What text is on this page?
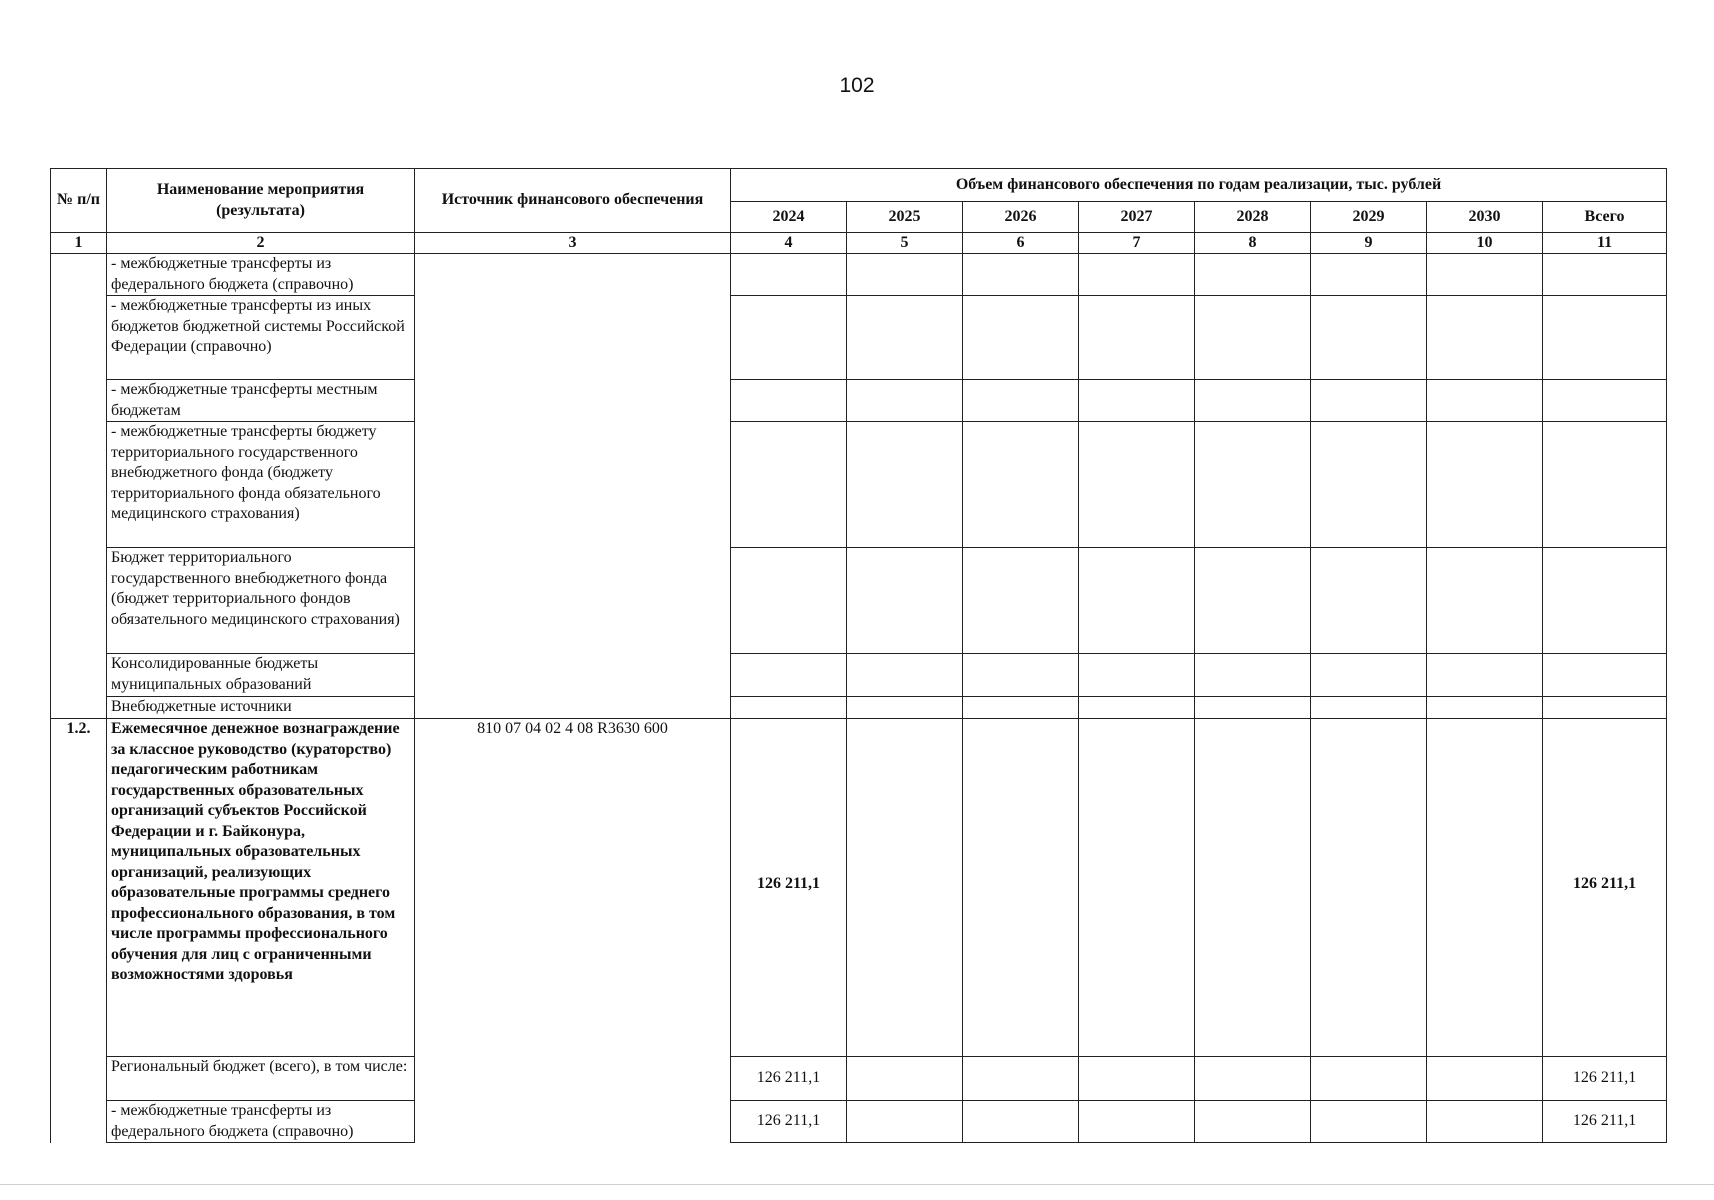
102
№ п/п	Наименование мероприятия (результата)	Источник финансового обеспечения	Объем финансового обеспечения по годам реализации, тыс. рублей							
			2024	2025	2026	2027	2028	2029	2030	Всего
1	2	3	4	5	6	7	8	9	10	11
	- межбюджетные трансферты из федерального бюджета (справочно)									
	- межбюджетные трансферты из иных бюджетов бюджетной системы Российской Федерации (справочно)									
	- межбюджетные трансферты местным бюджетам									
	- межбюджетные трансферты бюджету территориального государственного внебюджетного фонда (бюджету территориального фонда обязательного медицинского страхования)									
	Бюджет территориального государственного внебюджетного фонда (бюджет территориального фондов обязательного медицинского страхования)									
	Консолидированные бюджеты муниципальных образований									
	Внебюджетные источники									
1.2.	Ежемесячное денежное вознаграждение за классное руководство (кураторство) педагогическим работникам государственных образовательных организаций субъектов Российской Федерации и г. Байконура, муниципальных образовательных организаций, реализующих образовательные программы среднего профессионального образования, в том числе программы профессионального обучения для лиц с ограниченными возможностями здоровья	810 07 04 02 4 08 R3630 600	126 211,1							126 211,1
	Региональный бюджет (всего), в том числе:		126 211,1							126 211,1
	- межбюджетные трансферты из федерального бюджета (справочно)		126 211,1							126 211,1
